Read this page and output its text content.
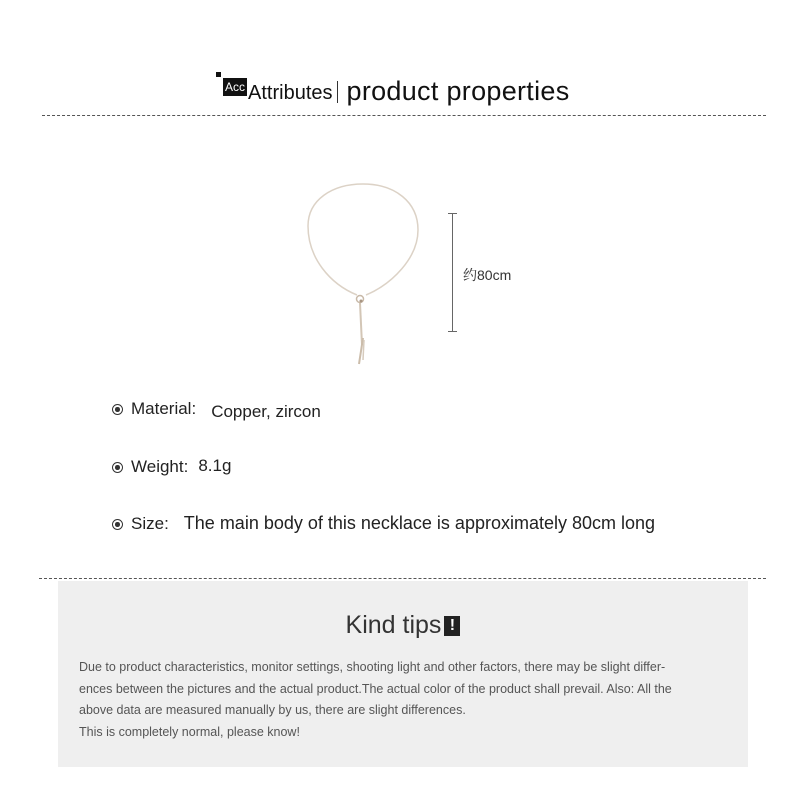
Acc Attributes product properties
约80cm
Material: Copper, zircon
Weight: 8.1g
Size: The main body of this necklace is approximately 80cm long
Kind tips !

Due to product characteristics, monitor settings, shooting light and other factors, there may be slight differ-

ences between the pictures and the actual product.The actual color of the product shall prevail. Also: All the

above data are measured manually by us, there are slight differences.

This is completely normal, please know!
